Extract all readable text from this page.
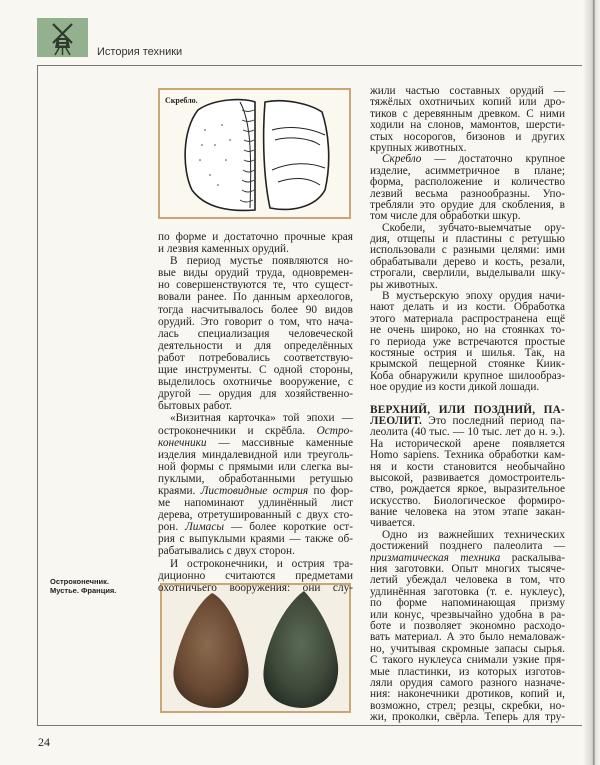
История техники
Скребло.
Остроконечник.
Мустье. Франция.
по форме и достаточно прочные края
и лезвия каменных орудий.
В период мустье появляются но-
вые виды орудий труда, одновремен-
но совершенствуются те, что сущест-
вовали ранее. По данным археологов,
тогда насчитывалось более 90 видов
орудий. Это говорит о том, что нача-
лась специализация человеческой
деятельности и для определённых
работ потребовались соответствую-
щие инструменты. С одной стороны,
выделилось охотничье вооружение, с
другой — орудия для хозяйственно-
бытовых работ.
«Визитная карточка» той эпохи —
остроконечники и скрёбла. Остро-
конечники — массивные каменные
изделия миндалевидной или треуголь-
ной формы с прямыми или слегка вы-
пуклыми, обработанными ретушью
краями. Листовидные острия по фор-
ме напоминают удлинённый лист
дерева, отретушированный с двух сто-
рон. Лимасы — более короткие ост-
рия с выпуклыми краями — также об-
рабатывались с двух сторон.
И остроконечники, и острия тра-
диционно считаются предметами
охотничьего вооружения: они слу-
жили частью составных орудий —
тяжёлых охотничьих копий или дро-
тиков с деревянным древком. С ними
ходили на слонов, мамонтов, шерсти-
стых носорогов, бизонов и других
крупных животных.
Скребло — достаточно крупное
изделие, асимметричное в плане;
форма, расположение и количество
лезвий весьма разнообразны. Упо-
требляли это орудие для скобления, в
том числе для обработки шкур.
Скобели, зубчато-выемчатые ору-
дия, отщепы и пластины с ретушью
использовали с разными целями: ими
обрабатывали дерево и кость, резали,
строгали, сверлили, выделывали шку-
ры животных.
В мустьерскую эпоху орудия начи-
нают делать и из кости. Обработка
этого материала распространена ещё
не очень широко, но на стоянках то-
го периода уже встречаются простые
костяные острия и шилья. Так, на
крымской пещерной стоянке Киик-
Коба обнаружили крупное шилообраз-
ное орудие из кости дикой лошади.
ВЕРХНИЙ, ИЛИ ПОЗДНИЙ, ПА-
ЛЕОЛИТ. Это последний период па-
леолита (40 тыс. — 10 тыс. лет до н. э.).
На исторической арене появляется
Homo sapiens. Техника обработки кам-
ня и кости становится необычайно
высокой, развивается домостроитель-
ство, рождается яркое, выразительное
искусство. Биологическое формиро-
вание человека на этом этапе закан-
чивается.
Одно из важнейших технических
достижений позднего палеолита —
призматическая техника раскалыва-
ния заготовки. Опыт многих тысяче-
летий убеждал человека в том, что
удлинённая заготовка (т. е. нуклеус),
по форме напоминающая призму
или конус, чрезвычайно удобна в ра-
боте и позволяет экономно расходо-
вать материал. А это было немаловаж-
но, учитывая скромные запасы сырья.
С такого нуклеуса снимали узкие пря-
мые пластинки, из которых изготов-
ляли орудия самого разного назначе-
ния: наконечники дротиков, копий и,
возможно, стрел; резцы, скребки, но-
жи, проколки, свёрла. Теперь для тру-
24
